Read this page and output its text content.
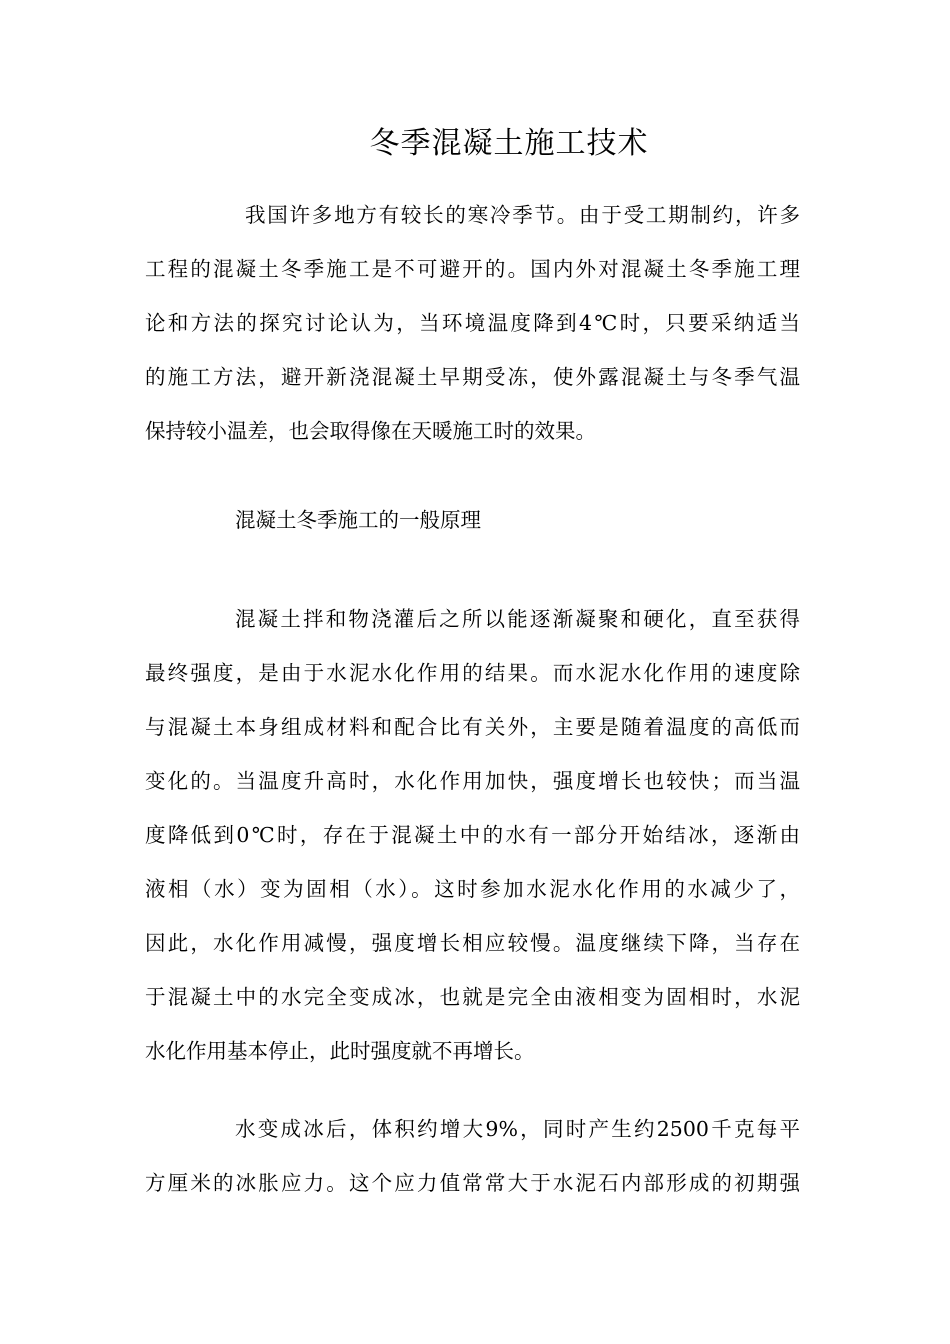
冬季混凝土施工技术
我国许多地方有较长的寒冷季节。由于受工期制约，许多
工程的混凝土冬季施工是不可避开的。国内外对混凝土冬季施工理
论和方法的探究讨论认为，当环境温度降到4℃时，只要采纳适当
的施工方法，避开新浇混凝土早期受冻，使外露混凝土与冬季气温
保持较小温差，也会取得像在天暖施工时的效果。
混凝土冬季施工的一般原理
混凝土拌和物浇灌后之所以能逐渐凝聚和硬化，直至获得
最终强度，是由于水泥水化作用的结果。而水泥水化作用的速度除
与混凝土本身组成材料和配合比有关外，主要是随着温度的高低而
变化的。当温度升高时，水化作用加快，强度增长也较快；而当温
度降低到0℃时，存在于混凝土中的水有一部分开始结冰，逐渐由
液相（水）变为固相（水）。这时参加水泥水化作用的水减少了，
因此，水化作用减慢，强度增长相应较慢。温度继续下降，当存在
于混凝土中的水完全变成冰，也就是完全由液相变为固相时，水泥
水化作用基本停止，此时强度就不再增长。
水变成冰后，体积约增大9%，同时产生约2500千克每平
方厘米的冰胀应力。这个应力值常常大于水泥石内部形成的初期强
